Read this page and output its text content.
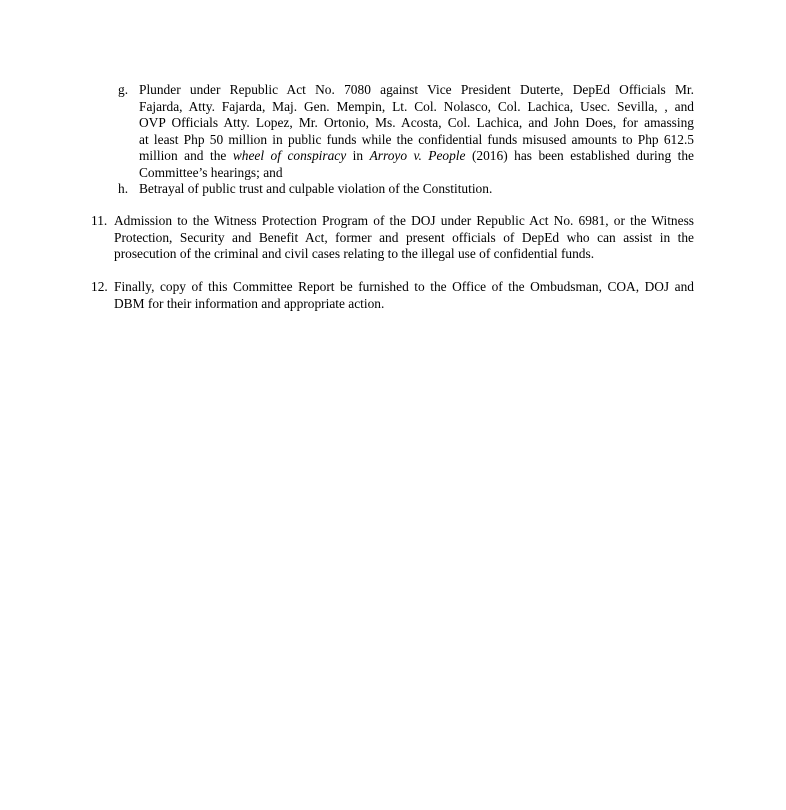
g. Plunder under Republic Act No. 7080 against Vice President Duterte, DepEd Officials Mr.
Fajarda, Atty. Fajarda, Maj. Gen. Mempin, Lt. Col. Nolasco, Col. Lachica, Usec. Sevilla, , and
OVP Officials Atty. Lopez, Mr. Ortonio, Ms. Acosta, Col. Lachica, and John Does, for amassing
at least Php 50 million in public funds while the confidential funds misused amounts to Php 612.5
million and the wheel of conspiracy in Arroyo v. People (2016) has been established during the
Committee’s hearings; and
h. Betrayal of public trust and culpable violation of the Constitution.
11. Admission to the Witness Protection Program of the DOJ under Republic Act No. 6981, or the Witness
Protection, Security and Benefit Act, former and present officials of DepEd who can assist in the
prosecution of the criminal and civil cases relating to the illegal use of confidential funds.
12. Finally, copy of this Committee Report be furnished to the Office of the Ombudsman, COA, DOJ and
DBM for their information and appropriate action.
